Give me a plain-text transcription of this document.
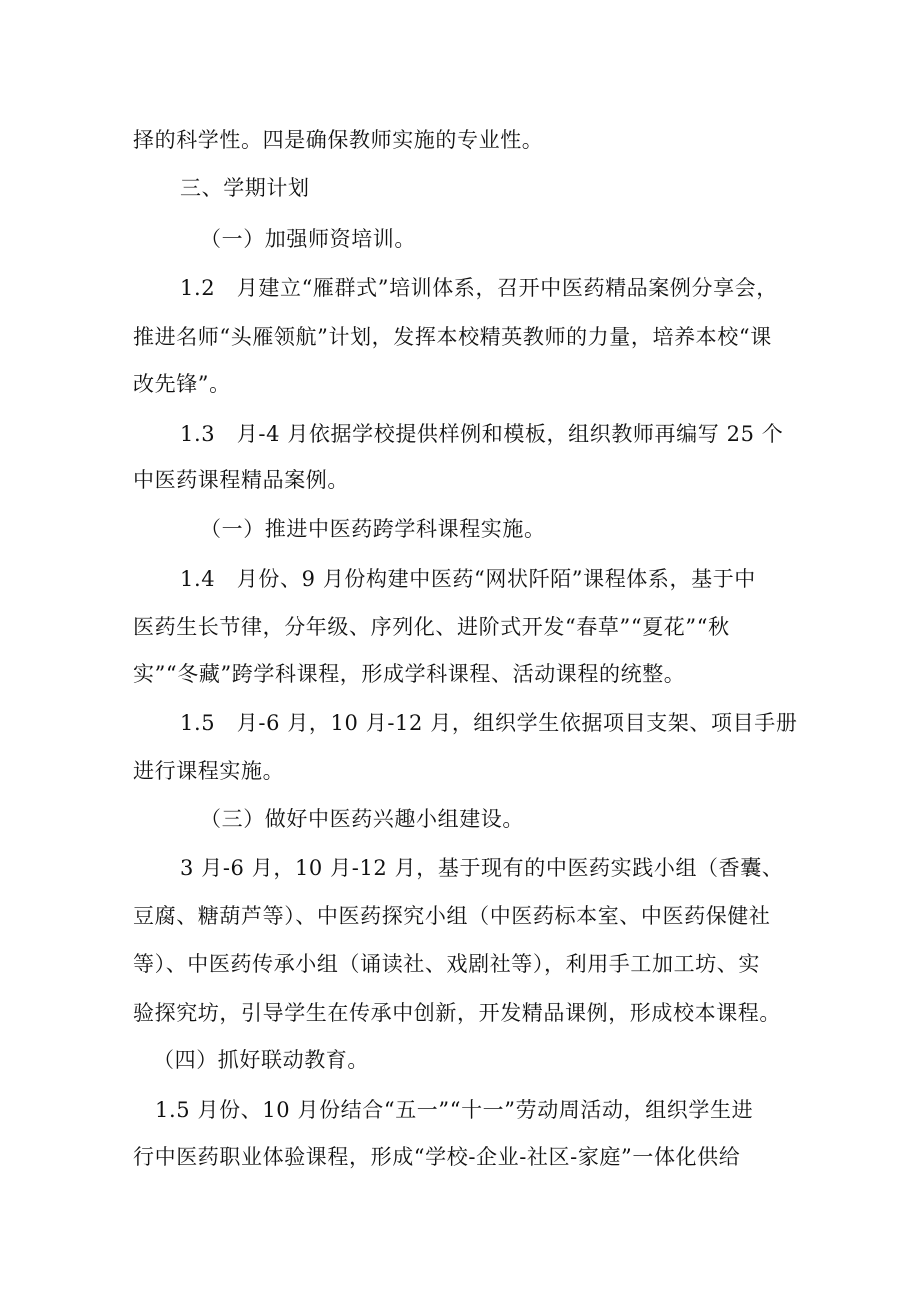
择的科学性。四是确保教师实施的专业性。
三、学期计划
（一）加强师资培训。
1.2　月建立“雁群式”培训体系，召开中医药精品案例分享会，
推进名师“头雁领航”计划，发挥本校精英教师的力量，培养本校“课
改先锋”。
1.3　月-4 月依据学校提供样例和模板，组织教师再编写 25 个
中医药课程精品案例。
（一）推进中医药跨学科课程实施。
1.4　月份、9 月份构建中医药“网状阡陌”课程体系，基于中
医药生长节律，分年级、序列化、进阶式开发“春草”“夏花”“秋
实”“冬藏”跨学科课程，形成学科课程、活动课程的统整。
1.5　月-6 月，10 月-12 月，组织学生依据项目支架、项目手册
进行课程实施。
（三）做好中医药兴趣小组建设。
3 月-6 月，10 月-12 月，基于现有的中医药实践小组（香囊、
豆腐、糖葫芦等）、中医药探究小组（中医药标本室、中医药保健社
等）、中医药传承小组（诵读社、戏剧社等），利用手工加工坊、实
验探究坊，引导学生在传承中创新，开发精品课例，形成校本课程。
（四）抓好联动教育。
1.5 月份、10 月份结合“五一”“十一”劳动周活动，组织学生进
行中医药职业体验课程，形成“学校-企业-社区-家庭”一体化供给
